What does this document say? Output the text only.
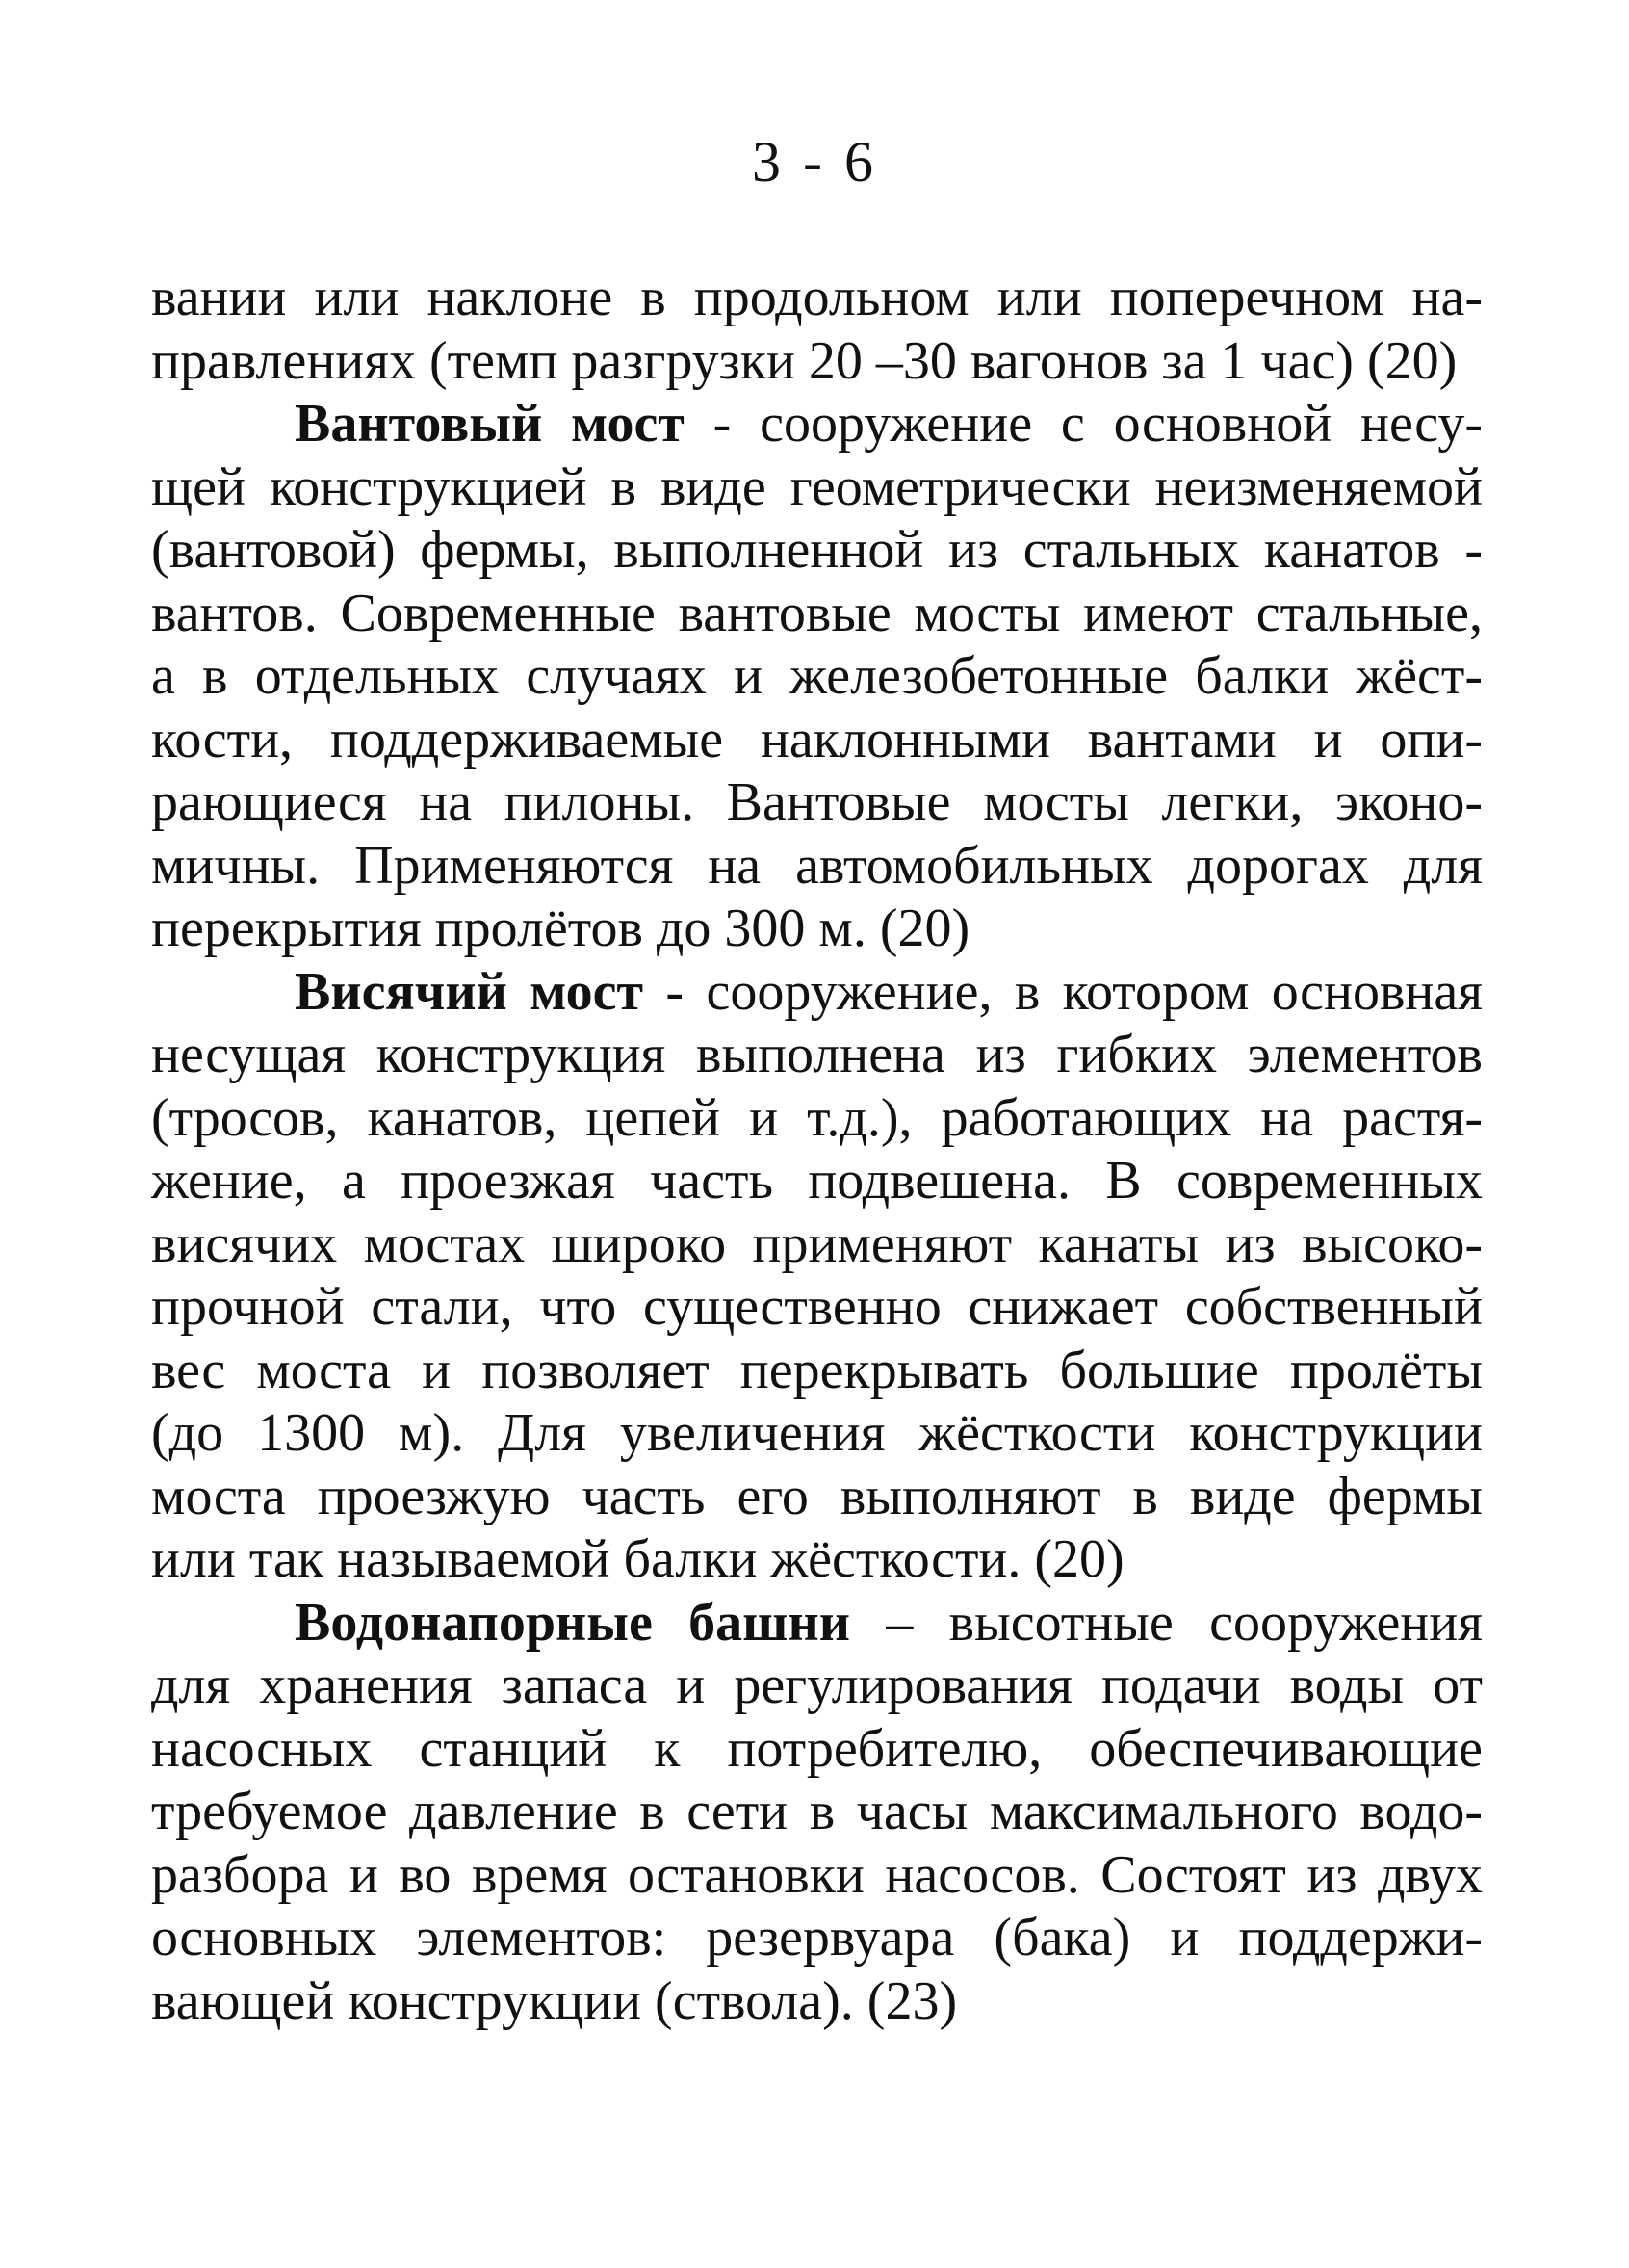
3 - 6
вании или наклоне в продольном или поперечном на-
правлениях (темп разгрузки 20 –30 вагонов за 1 час) (20)
Вантовый мост - сооружение с основной несу-
щей конструкцией в виде геометрически неизменяемой
(вантовой) фермы, выполненной из стальных канатов -
вантов. Современные вантовые мосты имеют стальные,
а в отдельных случаях и железобетонные балки жёст-
кости, поддерживаемые наклонными вантами и опи-
рающиеся на пилоны. Вантовые мосты легки, эконо-
мичны. Применяются на автомобильных дорогах для
перекрытия пролётов до 300 м. (20)
Висячий мост - сооружение, в котором основная
несущая конструкция выполнена из гибких элементов
(тросов, канатов, цепей и т.д.), работающих на растя-
жение, а проезжая часть подвешена. В современных
висячих мостах широко применяют канаты из высоко-
прочной стали, что существенно снижает собственный
вес моста и позволяет перекрывать большие пролёты
(до 1300 м). Для увеличения жёсткости конструкции
моста проезжую часть его выполняют в виде фермы
или так называемой балки жёсткости. (20)
Водонапорные башни – высотные сооружения
для хранения запаса и регулирования подачи воды от
насосных станций к потребителю, обеспечивающие
требуемое давление в сети в часы максимального водо-
разбора и во время остановки насосов. Состоят из двух
основных элементов: резервуара (бака) и поддержи-
вающей конструкции (ствола). (23)
